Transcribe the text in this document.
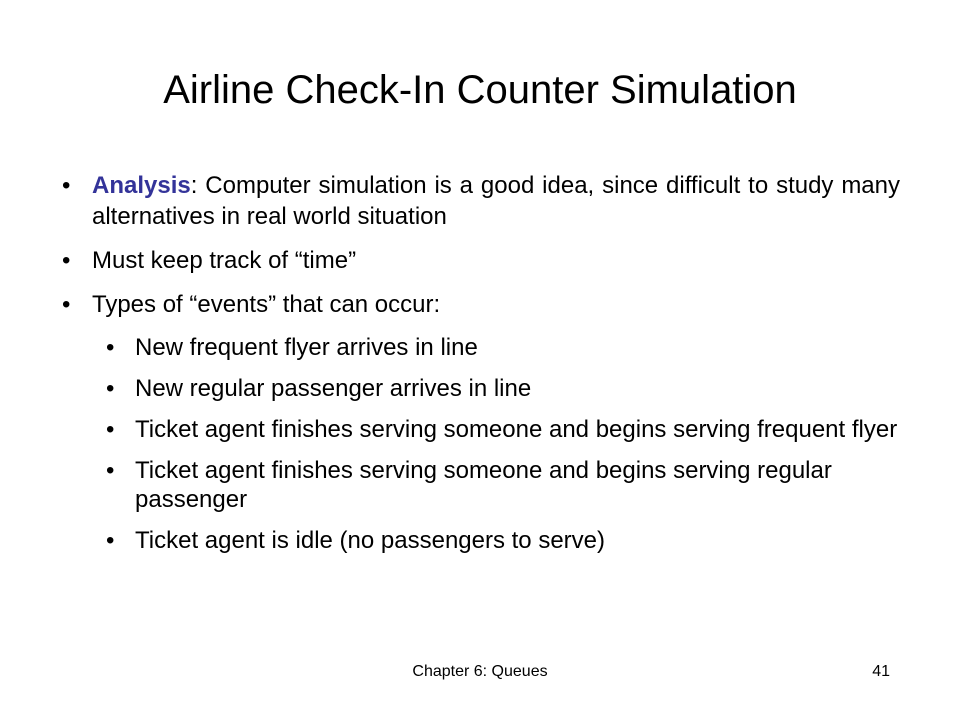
Airline Check-In Counter Simulation
• Analysis: Computer simulation is a good idea, since difficult to study many alternatives in real world situation
• Must keep track of “time”
• Types of “events” that can occur:
• New frequent flyer arrives in line
• New regular passenger arrives in line
• Ticket agent finishes serving someone and begins serving frequent flyer
• Ticket agent finishes serving someone and begins serving regular passenger
• Ticket agent is idle (no passengers to serve)
Chapter 6: Queues	41
